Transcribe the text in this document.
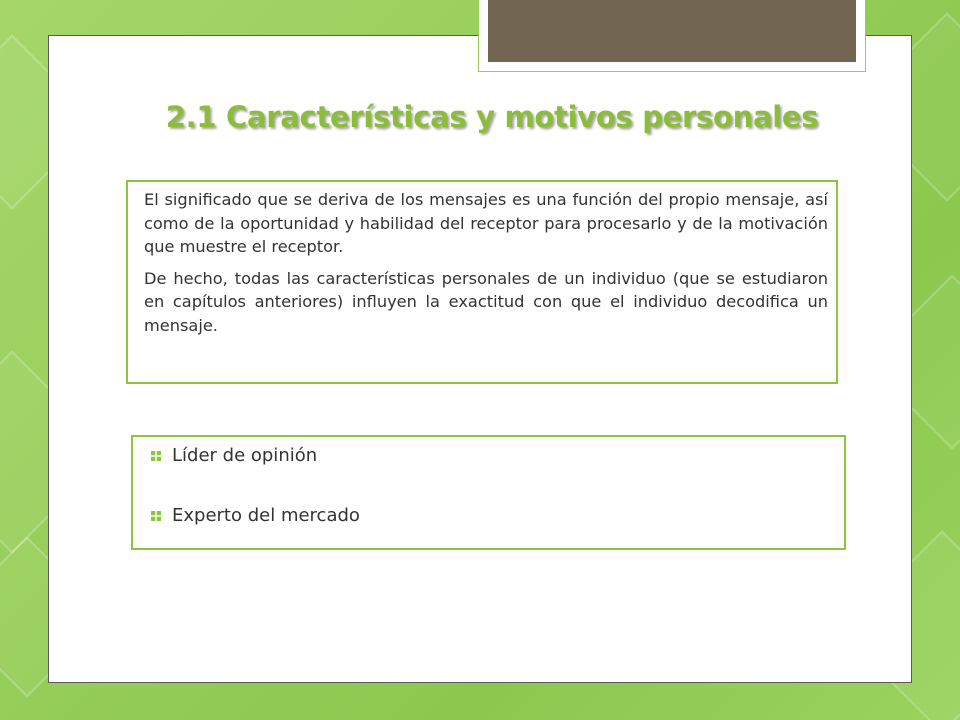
2.1 Características y motivos personales

El significado que se deriva de los mensajes es una función del propio mensaje, así como de la oportunidad y habilidad del receptor para procesarlo y de la motivación que muestre el receptor.

De hecho, todas las características personales de un individuo (que se estudiaron en capítulos anteriores) influyen la exactitud con que el individuo decodifica un mensaje.

Líder de opinión
Experto del mercado
